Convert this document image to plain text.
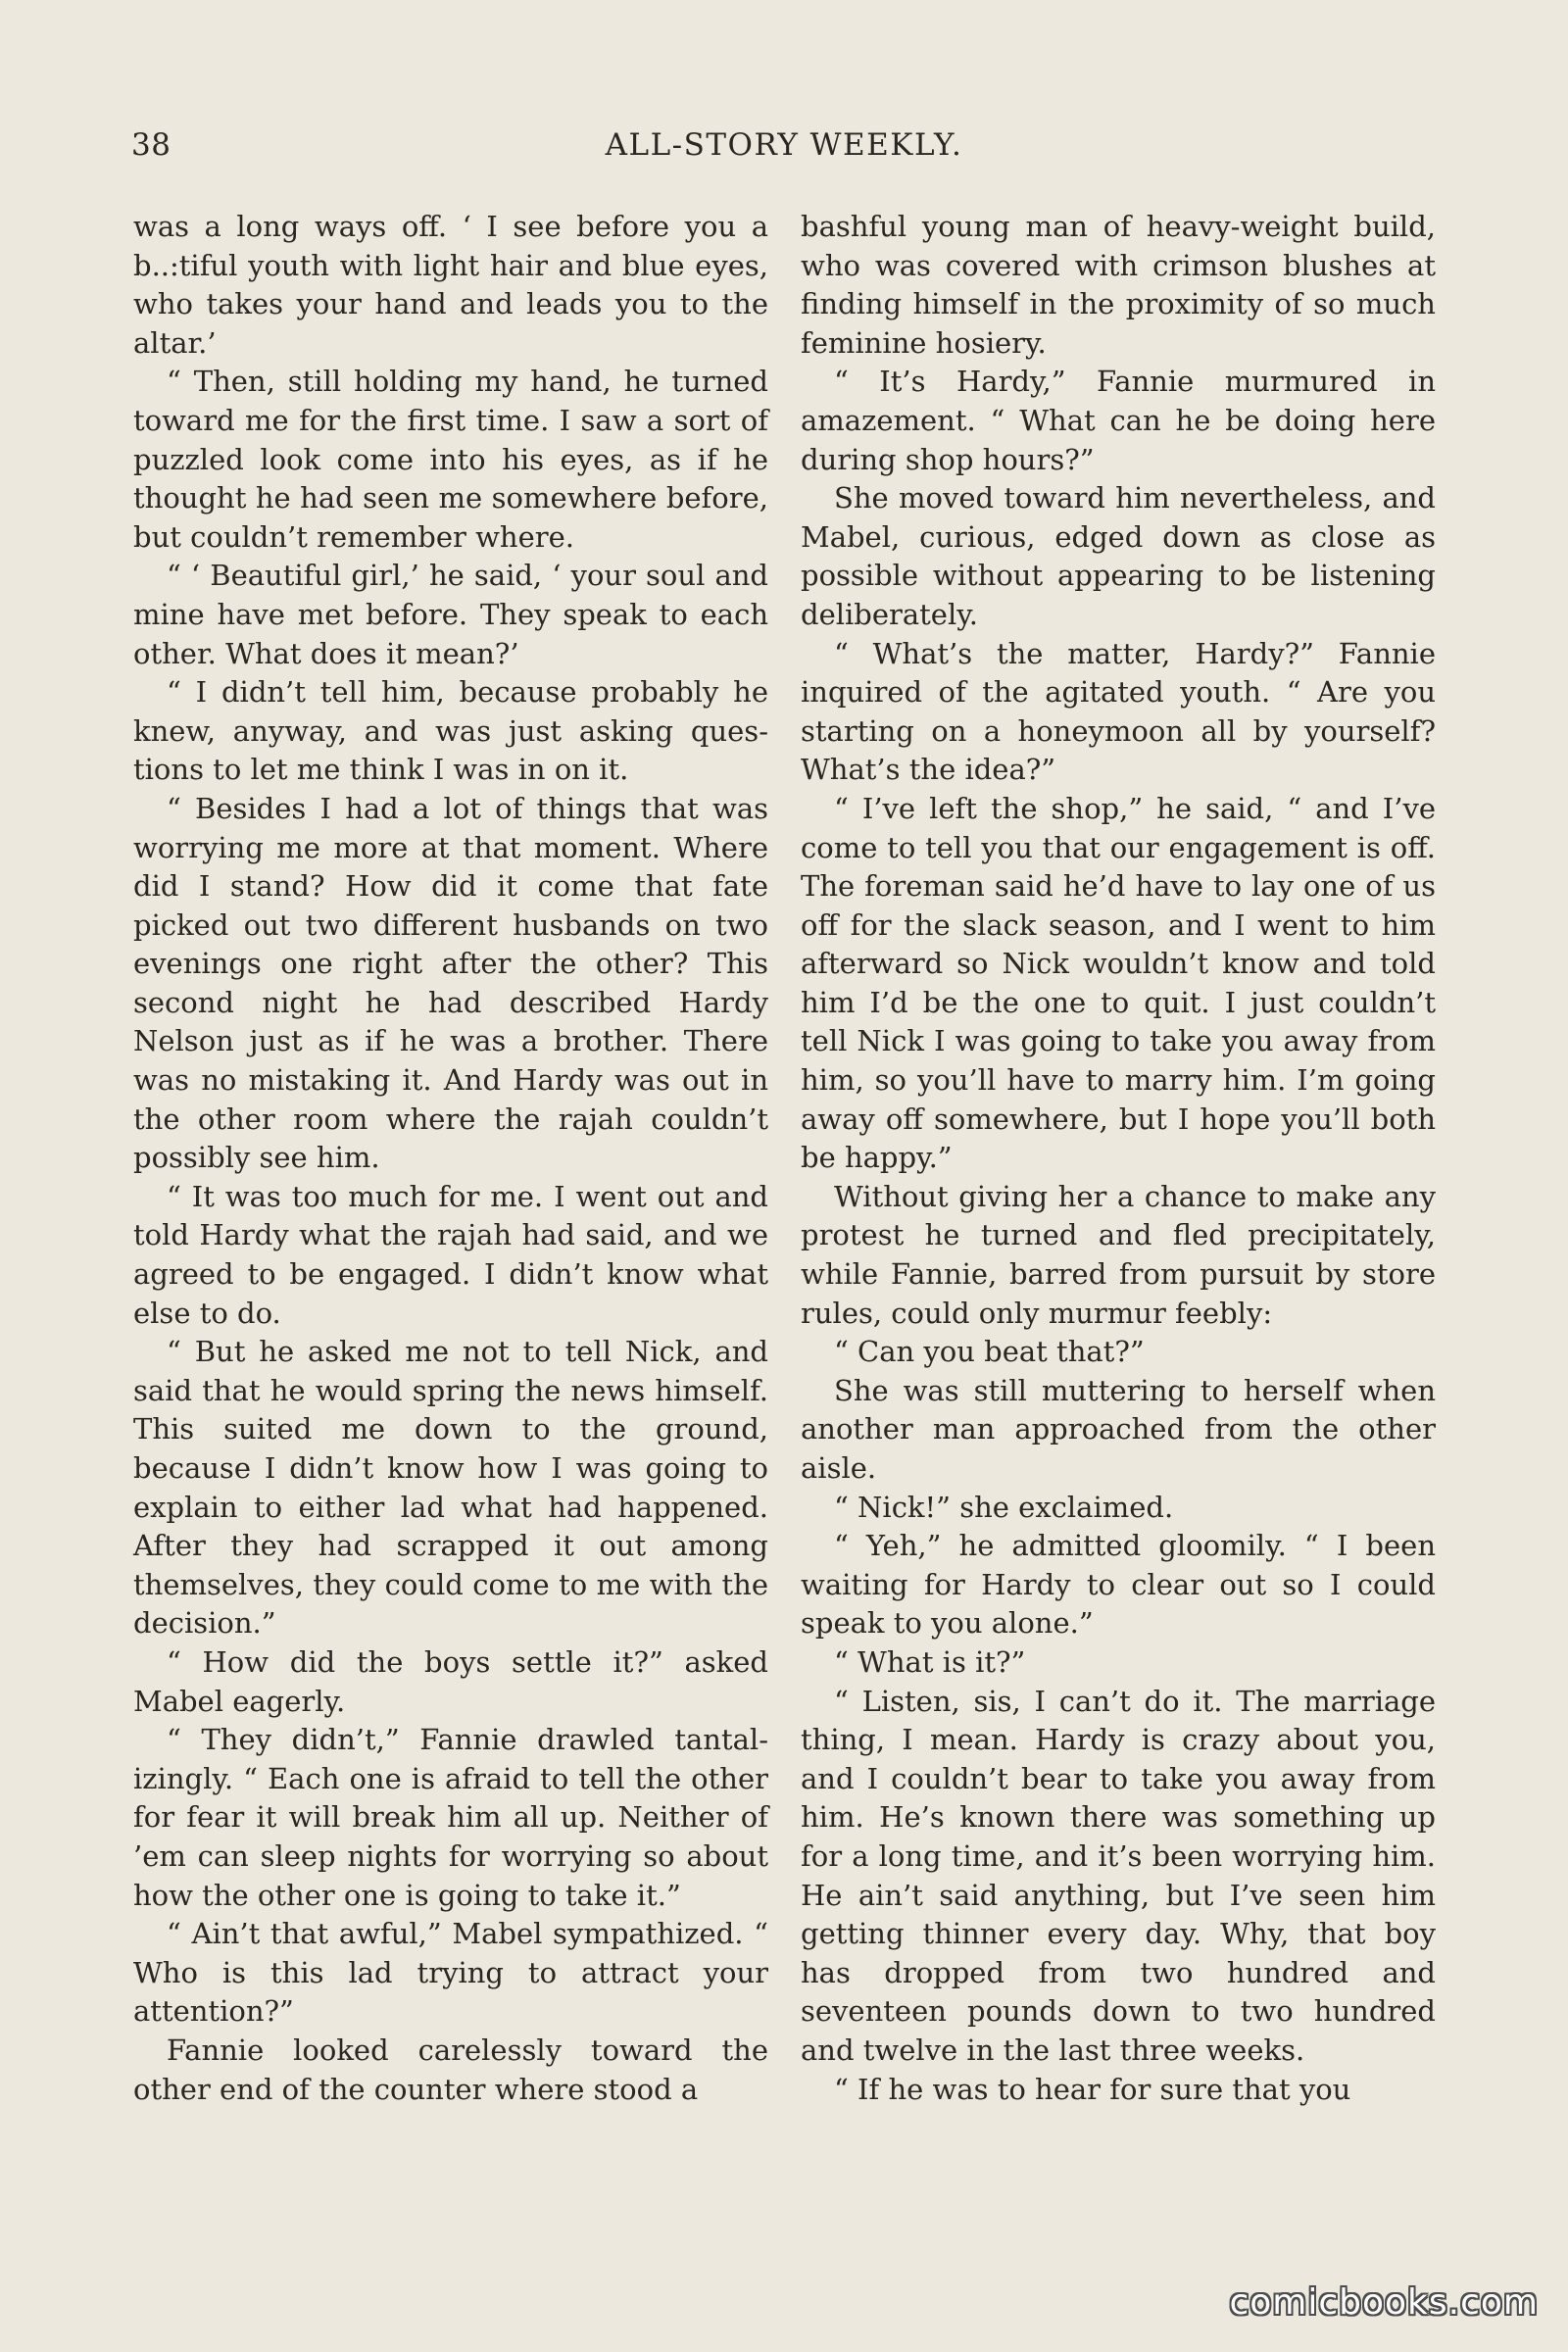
38	ALL-STORY WEEKLY.

was a long ways off. ‘ I see before you a b..:tiful youth with light hair and blue eyes, who takes your hand and leads you to the altar.’

“ Then, still holding my hand, he turned toward me for the first time. I saw a sort of puzzled look come into his eyes, as if he thought he had seen me somewhere before, but couldn’t remember where.

“ ‘ Beautiful girl,’ he said, ‘ your soul and mine have met before. They speak to each other. What does it mean?’

“ I didn’t tell him, because probably he knew, anyway, and was just asking questions to let me think I was in on it.

“ Besides I had a lot of things that was worrying me more at that moment. Where did I stand? How did it come that fate picked out two different husbands on two evenings one right after the other? This second night he had described Hardy Nelson just as if he was a brother. There was no mistaking it. And Hardy was out in the other room where the rajah couldn’t possibly see him.

“ It was too much for me. I went out and told Hardy what the rajah had said, and we agreed to be engaged. I didn’t know what else to do.

“ But he asked me not to tell Nick, and said that he would spring the news himself. This suited me down to the ground, because I didn’t know how I was going to explain to either lad what had happened. After they had scrapped it out among themselves, they could come to me with the decision.”

“ How did the boys settle it?” asked Mabel eagerly.

“ They didn’t,” Fannie drawled tantalizingly. “ Each one is afraid to tell the other for fear it will break him all up. Neither of ’em can sleep nights for worrying so about how the other one is going to take it.”

“ Ain’t that awful,” Mabel sympathized. “ Who is this lad trying to attract your attention?”

Fannie looked carelessly toward the other end of the counter where stood a

bashful young man of heavy-weight build, who was covered with crimson blushes at finding himself in the proximity of so much feminine hosiery.

“ It’s Hardy,” Fannie murmured in amazement. “ What can he be doing here during shop hours?”

She moved toward him nevertheless, and Mabel, curious, edged down as close as possible without appearing to be listening deliberately.

“ What’s the matter, Hardy?” Fannie inquired of the agitated youth. “ Are you starting on a honeymoon all by yourself? What’s the idea?”

“ I’ve left the shop,” he said, “ and I’ve come to tell you that our engagement is off. The foreman said he’d have to lay one of us off for the slack season, and I went to him afterward so Nick wouldn’t know and told him I’d be the one to quit. I just couldn’t tell Nick I was going to take you away from him, so you’ll have to marry him. I’m going away off somewhere, but I hope you’ll both be happy.”

Without giving her a chance to make any protest he turned and fled precipitately, while Fannie, barred from pursuit by store rules, could only murmur feebly:

“ Can you beat that?”

She was still muttering to herself when another man approached from the other aisle.

“ Nick!” she exclaimed.

“ Yeh,” he admitted gloomily. “ I been waiting for Hardy to clear out so I could speak to you alone.”

“ What is it?”

“ Listen, sis, I can’t do it. The marriage thing, I mean. Hardy is crazy about you, and I couldn’t bear to take you away from him. He’s known there was something up for a long time, and it’s been worrying him. He ain’t said anything, but I’ve seen him getting thinner every day. Why, that boy has dropped from two hundred and seventeen pounds down to two hundred and twelve in the last three weeks.

“ If he was to hear for sure that you

comicbooks.com
